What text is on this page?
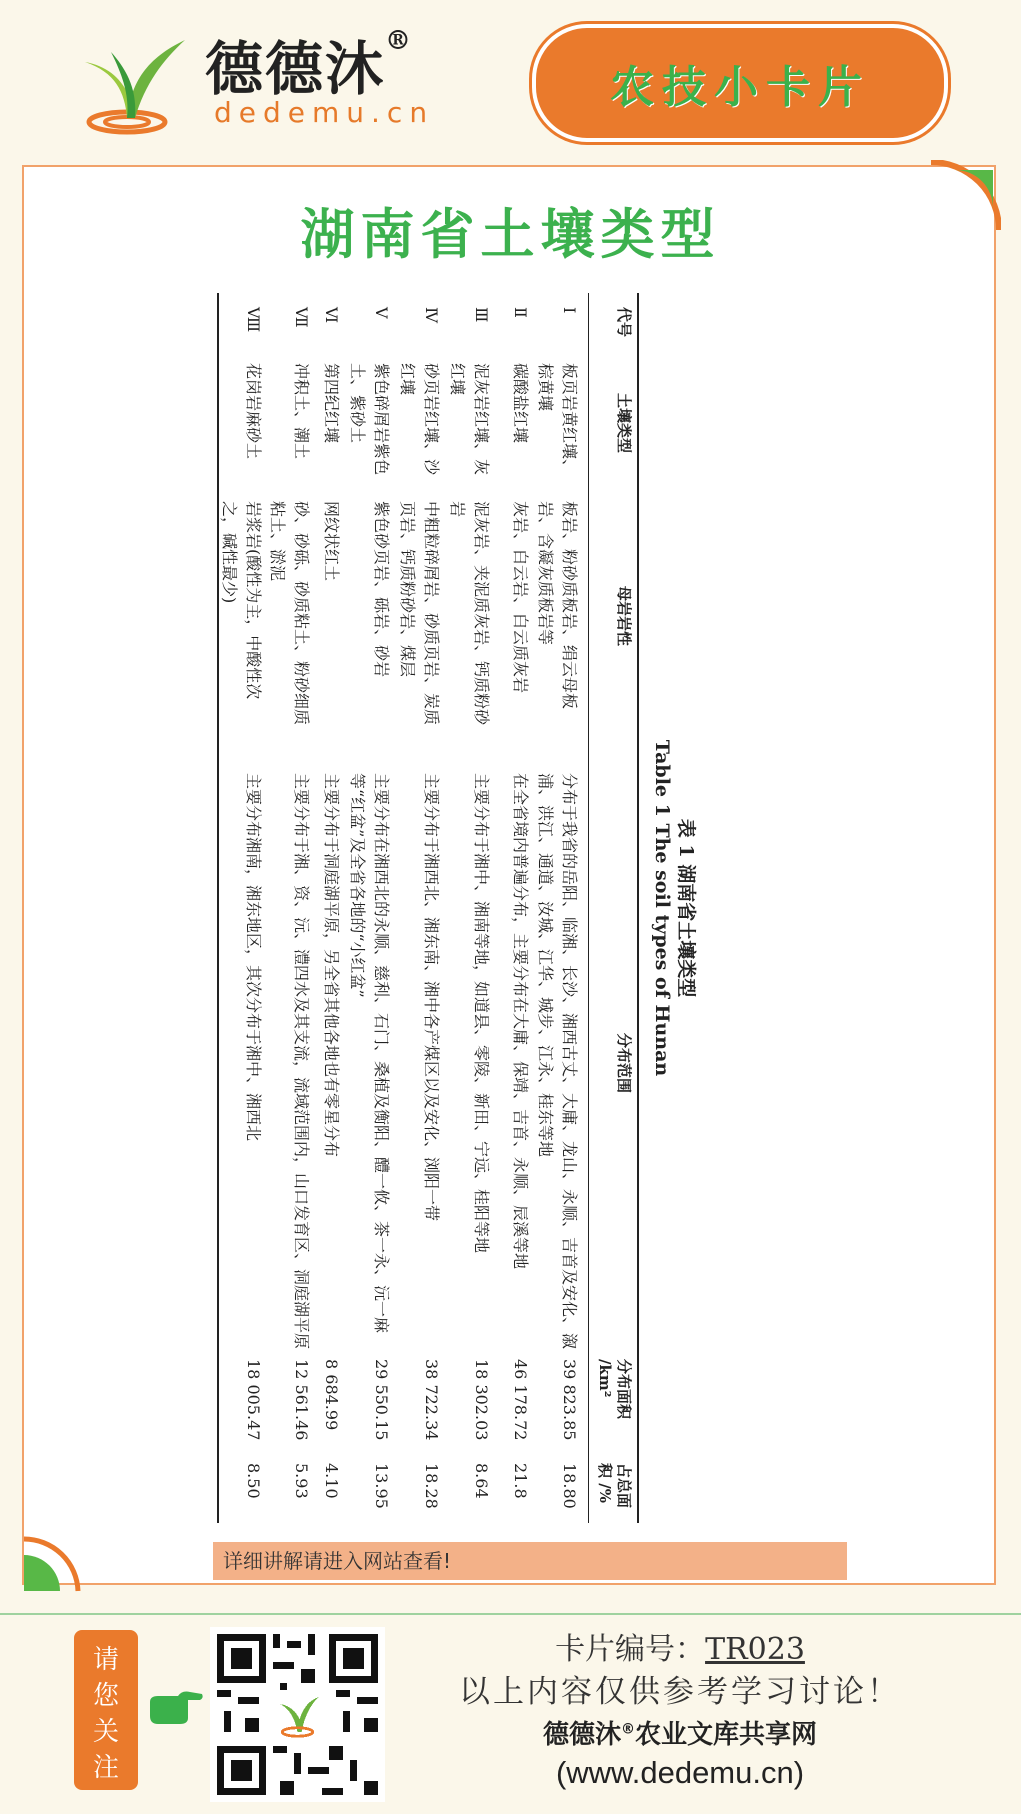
德德沐®
dedemu.cn	农技小卡片
湖南省土壤类型
表 1 湖南省土壤类型
Table 1 The soil types of Hunan
代号
土壤类型
母岩岩性
分布范围
分布面积 /km²
占总面积 /%
Ⅰ
板页岩黄红壤、棕黄壤
板岩、粉砂质板岩、绢云母板岩、含凝灰质板岩等
分布于我省的岳阳、临湘、长沙、湘西古丈、大庸、龙山、永顺、吉首及安化、溆浦、洪江、通道、汝城、江华、城步、江永、桂东等地
39 823.85
18.80
Ⅱ
碳酸盐红壤
灰岩、白云岩、白云质灰岩
在全省境内普遍分布，主要分布在大庸、保靖、吉首、永顺、辰溪等地
46 178.72
21.8
Ⅲ
泥灰岩红壤、灰红壤
泥灰岩、夹泥质灰岩、钙质粉砂岩
主要分布于湘中、湘南等地，如道县、零陵、新田、宁远、桂阳等地
18 302.03
8.64
Ⅳ
砂页岩红壤、沙红壤
中粗粒碎屑岩、砂质页岩、炭质页岩、钙质粉砂岩、煤层
主要分布于湘西北、湘东南、湘中各产煤区以及安化、浏阳一带
38 722.34
18.28
Ⅴ
紫色碎屑岩紫色土、紫砂土
紫色砂页岩、砾岩、砂岩
主要分布在湘西北的永顺、慈利、石门、桑植及衡阳、醴一攸、茶一永、沅一麻等“红盆”及全省各地的“小红盆”
29 550.15
13.95
Ⅵ
第四纪红壤
网纹状红土
主要分布于洞庭湖平原，另全省其他各地也有零星分布
8 684.99
4.10
Ⅶ
冲积土、潮土
砂、砂砾、砂质粘土、粉砂细质粘土、淤泥
主要分布于湘、资、沅、澧四水及其支流，流域范围内，山口发育区、洞庭湖平原
12 561.46
5.93
Ⅷ
花岗岩麻砂土
岩浆岩(酸性为主，中酸性次之，碱性最少)
主要分布湘南，湘东地区，其次分布于湘中、湘西北
18 005.47
8.50
详细讲解请进入网站查看!
请您关注
卡片编号：TR023
以上内容仅供参考学习讨论！
德德沐®农业文库共享网
(www.dedemu.cn)
